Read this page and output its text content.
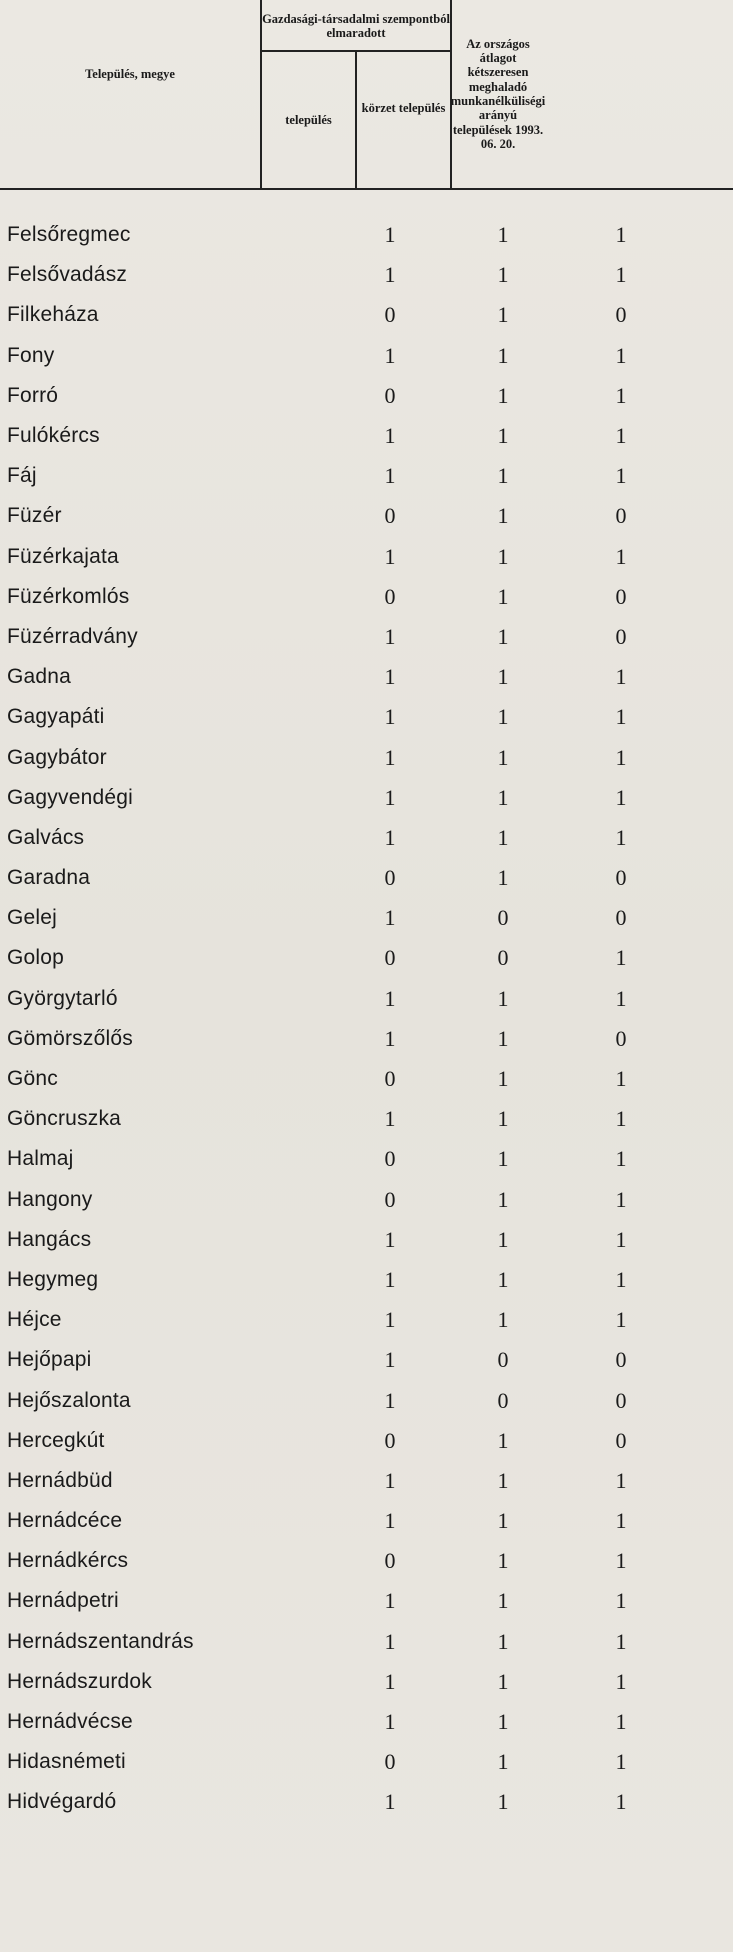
Település, megye
Gazdasági-társadalmi szempontból elmaradott
település
körzet település
Az országos átlagot kétszeresen meghaladó munkanélküliségi arányú települések 1993. 06. 20.
Felsőregmec	1	1	1
Felsővadász	1	1	1
Filkeháza	0	1	0
Fony	1	1	1
Forró	0	1	1
Fulókércs	1	1	1
Fáj	1	1	1
Füzér	0	1	0
Füzérkajata	1	1	1
Füzérkomlós	0	1	0
Füzérradvány	1	1	0
Gadna	1	1	1
Gagyapáti	1	1	1
Gagybátor	1	1	1
Gagyvendégi	1	1	1
Galvács	1	1	1
Garadna	0	1	0
Gelej	1	0	0
Golop	0	0	1
Györgytarló	1	1	1
Gömörszőlős	1	1	0
Gönc	0	1	1
Göncruszka	1	1	1
Halmaj	0	1	1
Hangony	0	1	1
Hangács	1	1	1
Hegymeg	1	1	1
Héjce	1	1	1
Hejőpapi	1	0	0
Hejőszalonta	1	0	0
Hercegkút	0	1	0
Hernádbüd	1	1	1
Hernádcéce	1	1	1
Hernádkércs	0	1	1
Hernádpetri	1	1	1
Hernádszentandrás	1	1	1
Hernádszurdok	1	1	1
Hernádvécse	1	1	1
Hidasnémeti	0	1	1
Hidvégardó	1	1	1
